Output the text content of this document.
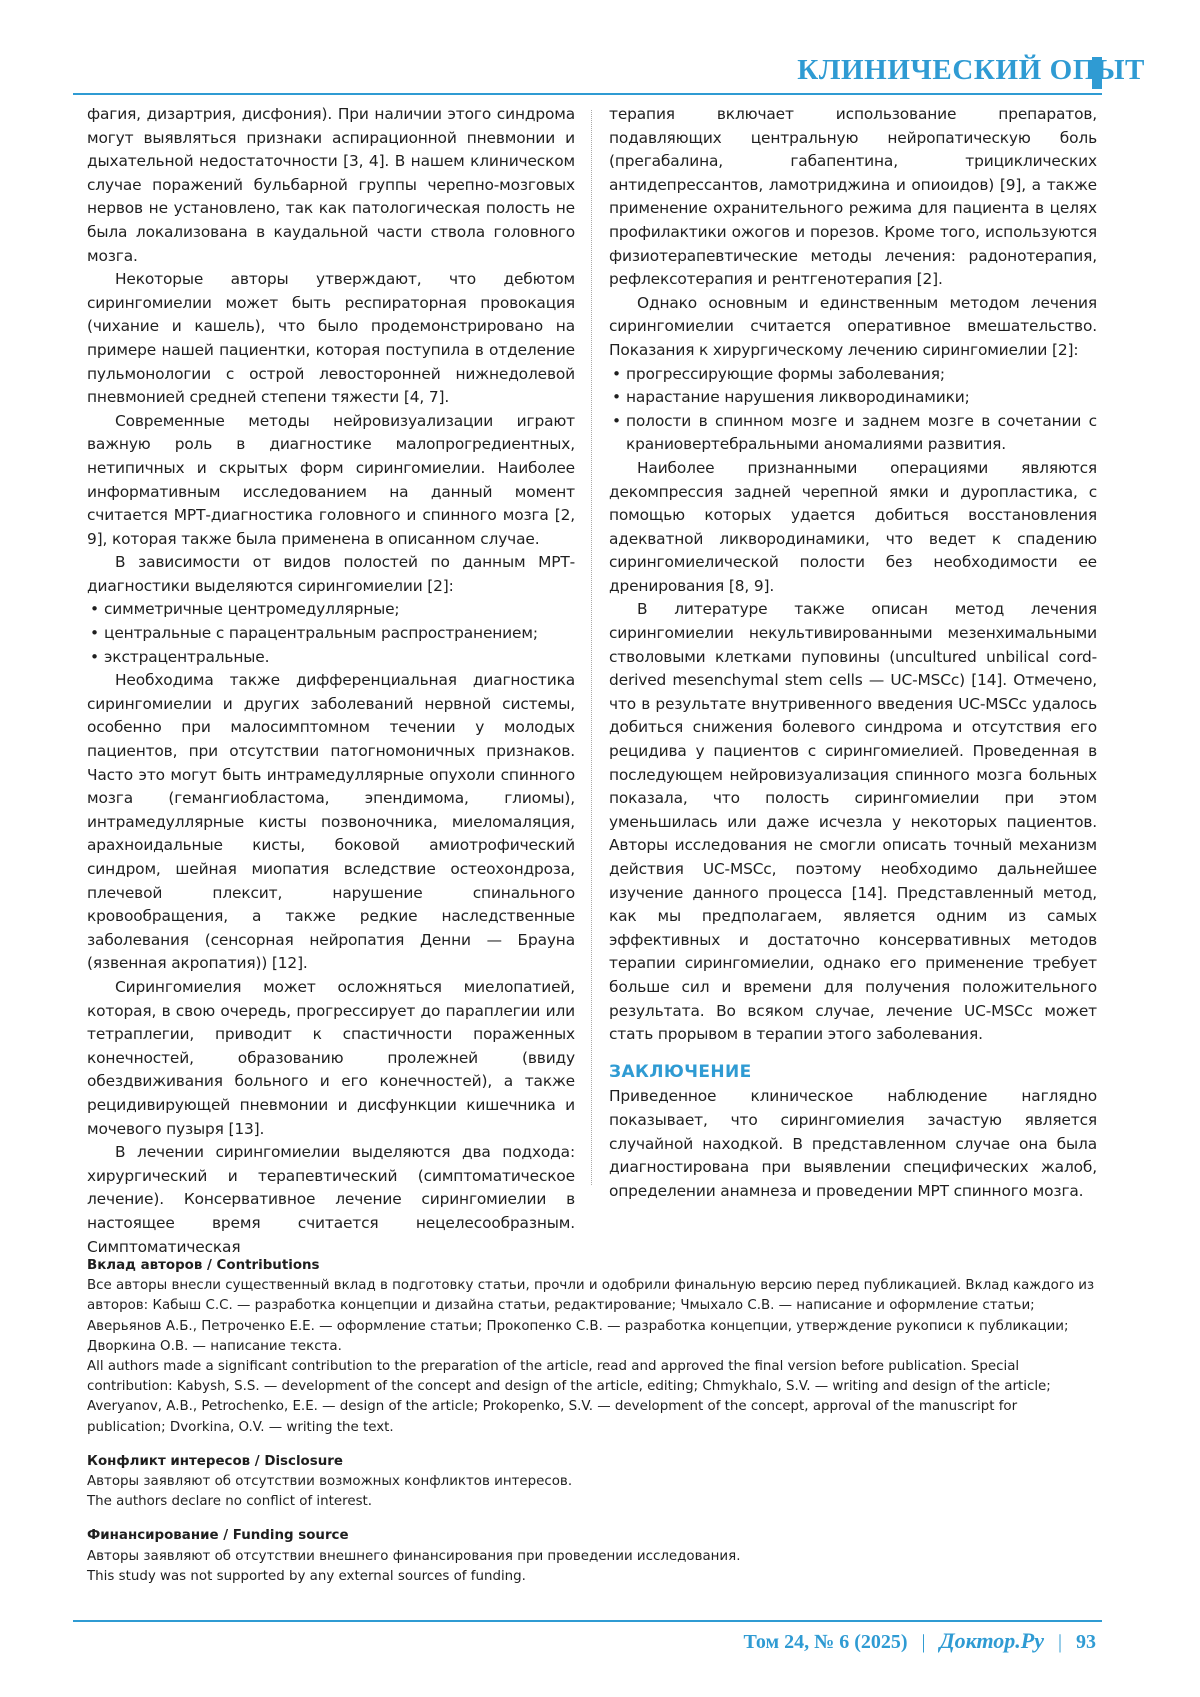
КЛИНИЧЕСКИЙ ОПЫТ

фагия, дизартрия, дисфония). При наличии этого синдрома могут выявляться признаки аспирационной пневмонии и дыхательной недостаточности [3, 4]. В нашем клиническом случае поражений бульбарной группы черепно-мозговых нервов не установлено, так как патологическая полость не была локализована в каудальной части ствола головного мозга.

Некоторые авторы утверждают, что дебютом сирингомиелии может быть респираторная провокация (чихание и кашель), что было продемонстрировано на примере нашей пациентки, которая поступила в отделение пульмонологии с острой левосторонней нижнедолевой пневмонией средней степени тяжести [4, 7].

Современные методы нейровизуализации играют важную роль в диагностике малопрогредиентных, нетипичных и скрытых форм сирингомиелии. Наиболее информативным исследованием на данный момент считается МРТ-диагностика головного и спинного мозга [2, 9], которая также была применена в описанном случае.

В зависимости от видов полостей по данным МРТ-диагностики выделяются сирингомиелии [2]:

• симметричные центромедуллярные;
• центральные с парацентральным распространением;
• экстрацентральные.

Необходима также дифференциальная диагностика сирингомиелии и других заболеваний нервной системы, особенно при малосимптомном течении у молодых пациентов, при отсутствии патогномоничных признаков. Часто это могут быть интрамедуллярные опухоли спинного мозга (гемангиобластома, эпендимома, глиомы), интрамедуллярные кисты позвоночника, миеломаляция, арахноидальные кисты, боковой амиотрофический синдром, шейная миопатия вследствие остеохондроза, плечевой плексит, нарушение спинального кровообращения, а также редкие наследственные заболевания (сенсорная нейропатия Денни — Брауна (язвенная акропатия)) [12].

Сирингомиелия может осложняться миелопатией, которая, в свою очередь, прогрессирует до параплегии или тетраплегии, приводит к спастичности пораженных конечностей, образованию пролежней (ввиду обездвиживания больного и его конечностей), а также рецидивирующей пневмонии и дисфункции кишечника и мочевого пузыря [13].

В лечении сирингомиелии выделяются два подхода: хирургический и терапевтический (симптоматическое лечение). Консервативное лечение сирингомиелии в настоящее время считается нецелесообразным. Симптоматическая

терапия включает использование препаратов, подавляющих центральную нейропатическую боль (прегабалина, габапентина, трициклических антидепрессантов, ламотриджина и опиоидов) [9], а также применение охранительного режима для пациента в целях профилактики ожогов и порезов. Кроме того, используются физиотерапевтические методы лечения: радонотерапия, рефлексотерапия и рентгенотерапия [2].

Однако основным и единственным методом лечения сирингомиелии считается оперативное вмешательство. Показания к хирургическому лечению сирингомиелии [2]:

• прогрессирующие формы заболевания;
• нарастание нарушения ликвородинамики;
• полости в спинном мозге и заднем мозге в сочетании с краниовертебральными аномалиями развития.

Наиболее признанными операциями являются декомпрессия задней черепной ямки и дуропластика, с помощью которых удается добиться восстановления адекватной ликвородинамики, что ведет к спадению сирингомиелической полости без необходимости ее дренирования [8, 9].

В литературе также описан метод лечения сирингомиелии некультивированными мезенхимальными стволовыми клетками пуповины (uncultured unbilical cord-derived mesenchymal stem cells — UC-MSCc) [14]. Отмечено, что в результате внутривенного введения UC-MSCc удалось добиться снижения болевого синдрома и отсутствия его рецидива у пациентов с сирингомиелией. Проведенная в последующем нейровизуализация спинного мозга больных показала, что полость сирингомиелии при этом уменьшилась или даже исчезла у некоторых пациентов. Авторы исследования не смогли описать точный механизм действия UC-MSCc, поэтому необходимо дальнейшее изучение данного процесса [14]. Представленный метод, как мы предполагаем, является одним из самых эффективных и достаточно консервативных методов терапии сирингомиелии, однако его применение требует больше сил и времени для получения положительного результата. Во всяком случае, лечение UC-MSCc может стать прорывом в терапии этого заболевания.

ЗАКЛЮЧЕНИЕ

Приведенное клиническое наблюдение наглядно показывает, что сирингомиелия зачастую является случайной находкой. В представленном случае она была диагностирована при выявлении специфических жалоб, определении анамнеза и проведении МРТ спинного мозга.

Вклад авторов / Contributions

Все авторы внесли существенный вклад в подготовку статьи, прочли и одобрили финальную версию перед публикацией. Вклад каждого из авторов: Кабыш С.С. — разработка концепции и дизайна статьи, редактирование; Чмыхало С.В. — написание и оформление статьи; Аверьянов А.Б., Петроченко Е.Е. — оформление статьи; Прокопенко С.В. — разработка концепции, утверждение рукописи к публикации; Дворкина О.В. — написание текста.

All authors made a significant contribution to the preparation of the article, read and approved the final version before publication. Special contribution: Kabysh, S.S. — development of the concept and design of the article, editing; Chmykhalo, S.V. — writing and design of the article; Averyanov, A.B., Petrochenko, E.E. — design of the article; Prokopenko, S.V. — development of the concept, approval of the manuscript for publication; Dvorkina, O.V. — writing the text.

Конфликт интересов / Disclosure

Авторы заявляют об отсутствии возможных конфликтов интересов.

The authors declare no conflict of interest.

Финансирование / Funding source

Авторы заявляют об отсутствии внешнего финансирования при проведении исследования.

This study was not supported by any external sources of funding.

Том 24, № 6 (2025) | Доктор.Ру | 93
